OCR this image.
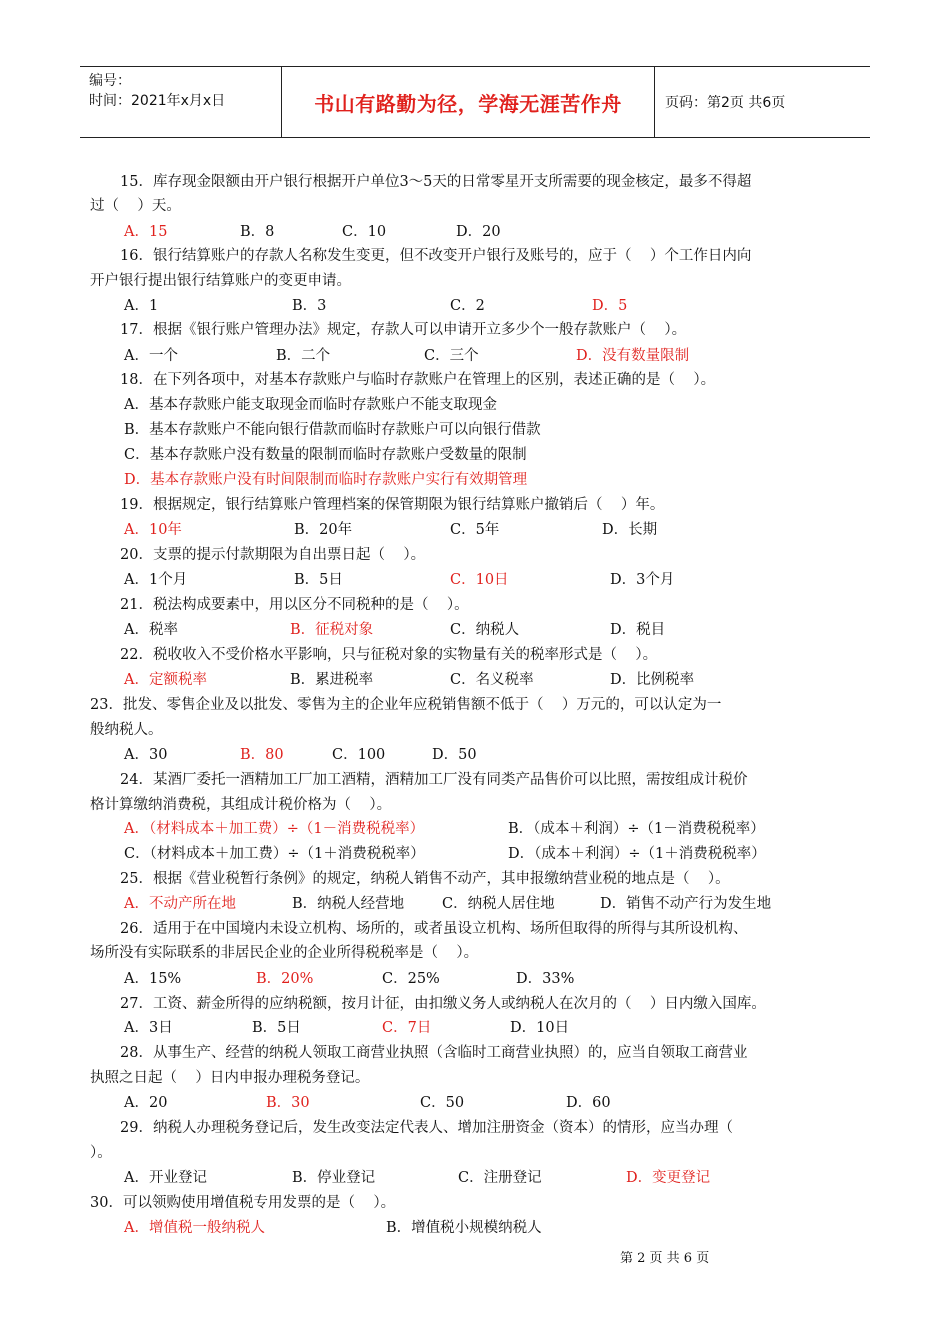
编号：
时间：2021年x月x日	书山有路勤为径，学海无涯苦作舟	页码：第2页 共6页
15．库存现金限额由开户银行根据开户单位3～5天的日常零星开支所需要的现金核定，最多不得超
过（    ）天。
A．15	B．8	C．10	D．20
16．银行结算账户的存款人名称发生变更，但不改变开户银行及账号的，应于（    ）个工作日内向
开户银行提出银行结算账户的变更申请。
A．1	B．3	C．2	D．5
17．根据《银行账户管理办法》规定，存款人可以申请开立多少个一般存款账户（    ）。
A．一个	B．二个	C．三个	D．没有数量限制
18．在下列各项中，对基本存款账户与临时存款账户在管理上的区别，表述正确的是（    ）。
A．基本存款账户能支取现金而临时存款账户不能支取现金
B．基本存款账户不能向银行借款而临时存款账户可以向银行借款
C．基本存款账户没有数量的限制而临时存款账户受数量的限制
D．基本存款账户没有时间限制而临时存款账户实行有效期管理
19．根据规定，银行结算账户管理档案的保管期限为银行结算账户撤销后（    ）年。
A．10年	B．20年	C．5年	D．长期
20．支票的提示付款期限为自出票日起（    ）。
A．1个月	B．5日	C．10日	D．3个月
21．税法构成要素中，用以区分不同税种的是（    ）。
A．税率	B．征税对象	C．纳税人	D．税目
22．税收收入不受价格水平影响，只与征税对象的实物量有关的税率形式是（    ）。
A．定额税率	B．累进税率	C．名义税率	D．比例税率
23．批发、零售企业及以批发、零售为主的企业年应税销售额不低于（    ）万元的，可以认定为一
般纳税人。
A．30	B．80	C．100	D．50
24．某酒厂委托一酒精加工厂加工酒精，酒精加工厂没有同类产品售价可以比照，需按组成计税价
格计算缴纳消费税，其组成计税价格为（    ）。
A．（材料成本＋加工费）÷（1－消费税税率）	B．（成本＋利润）÷（1－消费税税率）
C．（材料成本＋加工费）÷（1＋消费税税率）	D．（成本＋利润）÷（1＋消费税税率）
25．根据《营业税暂行条例》的规定，纳税人销售不动产，其申报缴纳营业税的地点是（    ）。
A．不动产所在地	B．纳税人经营地	C．纳税人居住地	D．销售不动产行为发生地
26．适用于在中国境内未设立机构、场所的，或者虽设立机构、场所但取得的所得与其所设机构、
场所没有实际联系的非居民企业的企业所得税税率是（    ）。
A．15%	B．20%	C．25%	D．33%
27．工资、薪金所得的应纳税额，按月计征，由扣缴义务人或纳税人在次月的（    ）日内缴入国库。
A．3日	B．5日	C．7日	D．10日
28．从事生产、经营的纳税人领取工商营业执照（含临时工商营业执照）的，应当自领取工商营业
执照之日起（    ）日内申报办理税务登记。
A．20	B．30	C．50	D．60
29．纳税人办理税务登记后，发生改变法定代表人、增加注册资金（资本）的情形，应当办理（
）。
A．开业登记	B．停业登记	C．注册登记	D．变更登记
30．可以领购使用增值税专用发票的是（    ）。
A．增值税一般纳税人	B．增值税小规模纳税人
第 2 页 共 6 页
